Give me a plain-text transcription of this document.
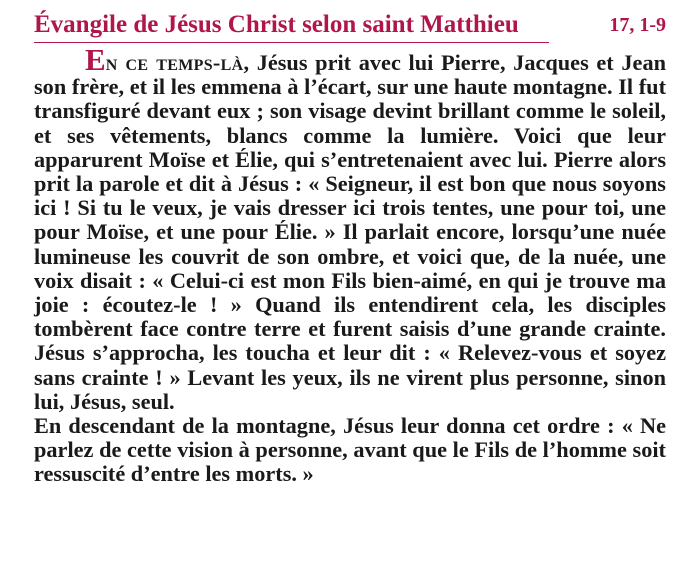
Évangile de Jésus Christ selon saint Matthieu	17, 1-9

En ce temps-là, Jésus prit avec lui Pierre, Jacques et Jean son frère, et il les emmena à l’écart, sur une haute montagne. Il fut transfiguré devant eux ; son visage devint brillant comme le soleil, et ses vêtements, blancs comme la lumière. Voici que leur apparurent Moïse et Élie, qui s’entretenaient avec lui. Pierre alors prit la parole et dit à Jésus : « Seigneur, il est bon que nous soyons ici ! Si tu le veux, je vais dresser ici trois tentes, une pour toi, une pour Moïse, et une pour Élie. » Il parlait encore, lorsqu’une nuée lumineuse les couvrit de son ombre, et voici que, de la nuée, une voix disait : « Celui-ci est mon Fils bien-aimé, en qui je trouve ma joie : écoutez-le ! » Quand ils entendirent cela, les disciples tombèrent face contre terre et furent saisis d’une grande crainte. Jésus s’approcha, les toucha et leur dit : « Relevez-vous et soyez sans crainte ! » Levant les yeux, ils ne virent plus personne, sinon lui, Jésus, seul.

En descendant de la montagne, Jésus leur donna cet ordre : « Ne parlez de cette vision à personne, avant que le Fils de l’homme soit ressuscité d’entre les morts. »
